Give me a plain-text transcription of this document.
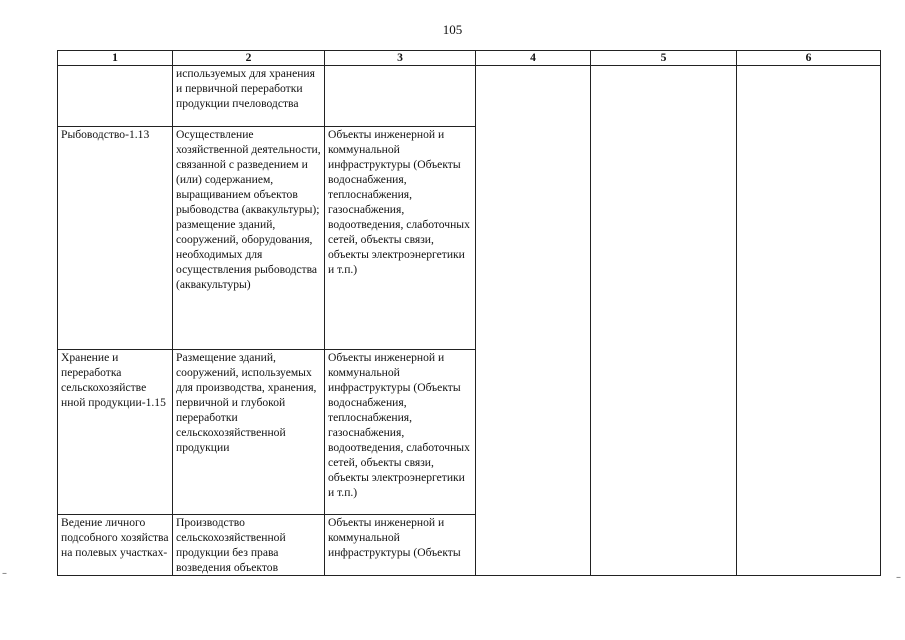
105
1	2	3	4	5	6
	используемых для хранения и первичной переработки продукции пчеловодства				
Рыбоводство-1.13	Осуществление хозяйственной деятельности, связанной с разведением и (или) содержанием, выращиванием объектов рыбоводства (аквакультуры); размещение зданий, сооружений, оборудования, необходимых для осуществления рыбоводства (аквакультуры)	Объекты инженерной и коммунальной инфраструктуры (Объекты водоснабжения, теплоснабжения, газоснабжения, водоотведения, слаботочных сетей, объекты связи, объекты электроэнергетики и т.п.)			
Хранение и переработка сельскохозяйстве нной продукции-1.15	Размещение зданий, сооружений, используемых для производства, хранения, первичной и глубокой переработки сельскохозяйственной продукции	Объекты инженерной и коммунальной инфраструктуры (Объекты водоснабжения, теплоснабжения, газоснабжения, водоотведения, слаботочных сетей, объекты связи, объекты электроэнергетики и т.п.)			
Ведение личного подсобного хозяйства на полевых участках-	Производство сельскохозяйственной продукции без права возведения объектов	Объекты инженерной и коммунальной инфраструктуры (Объекты			
–	–
